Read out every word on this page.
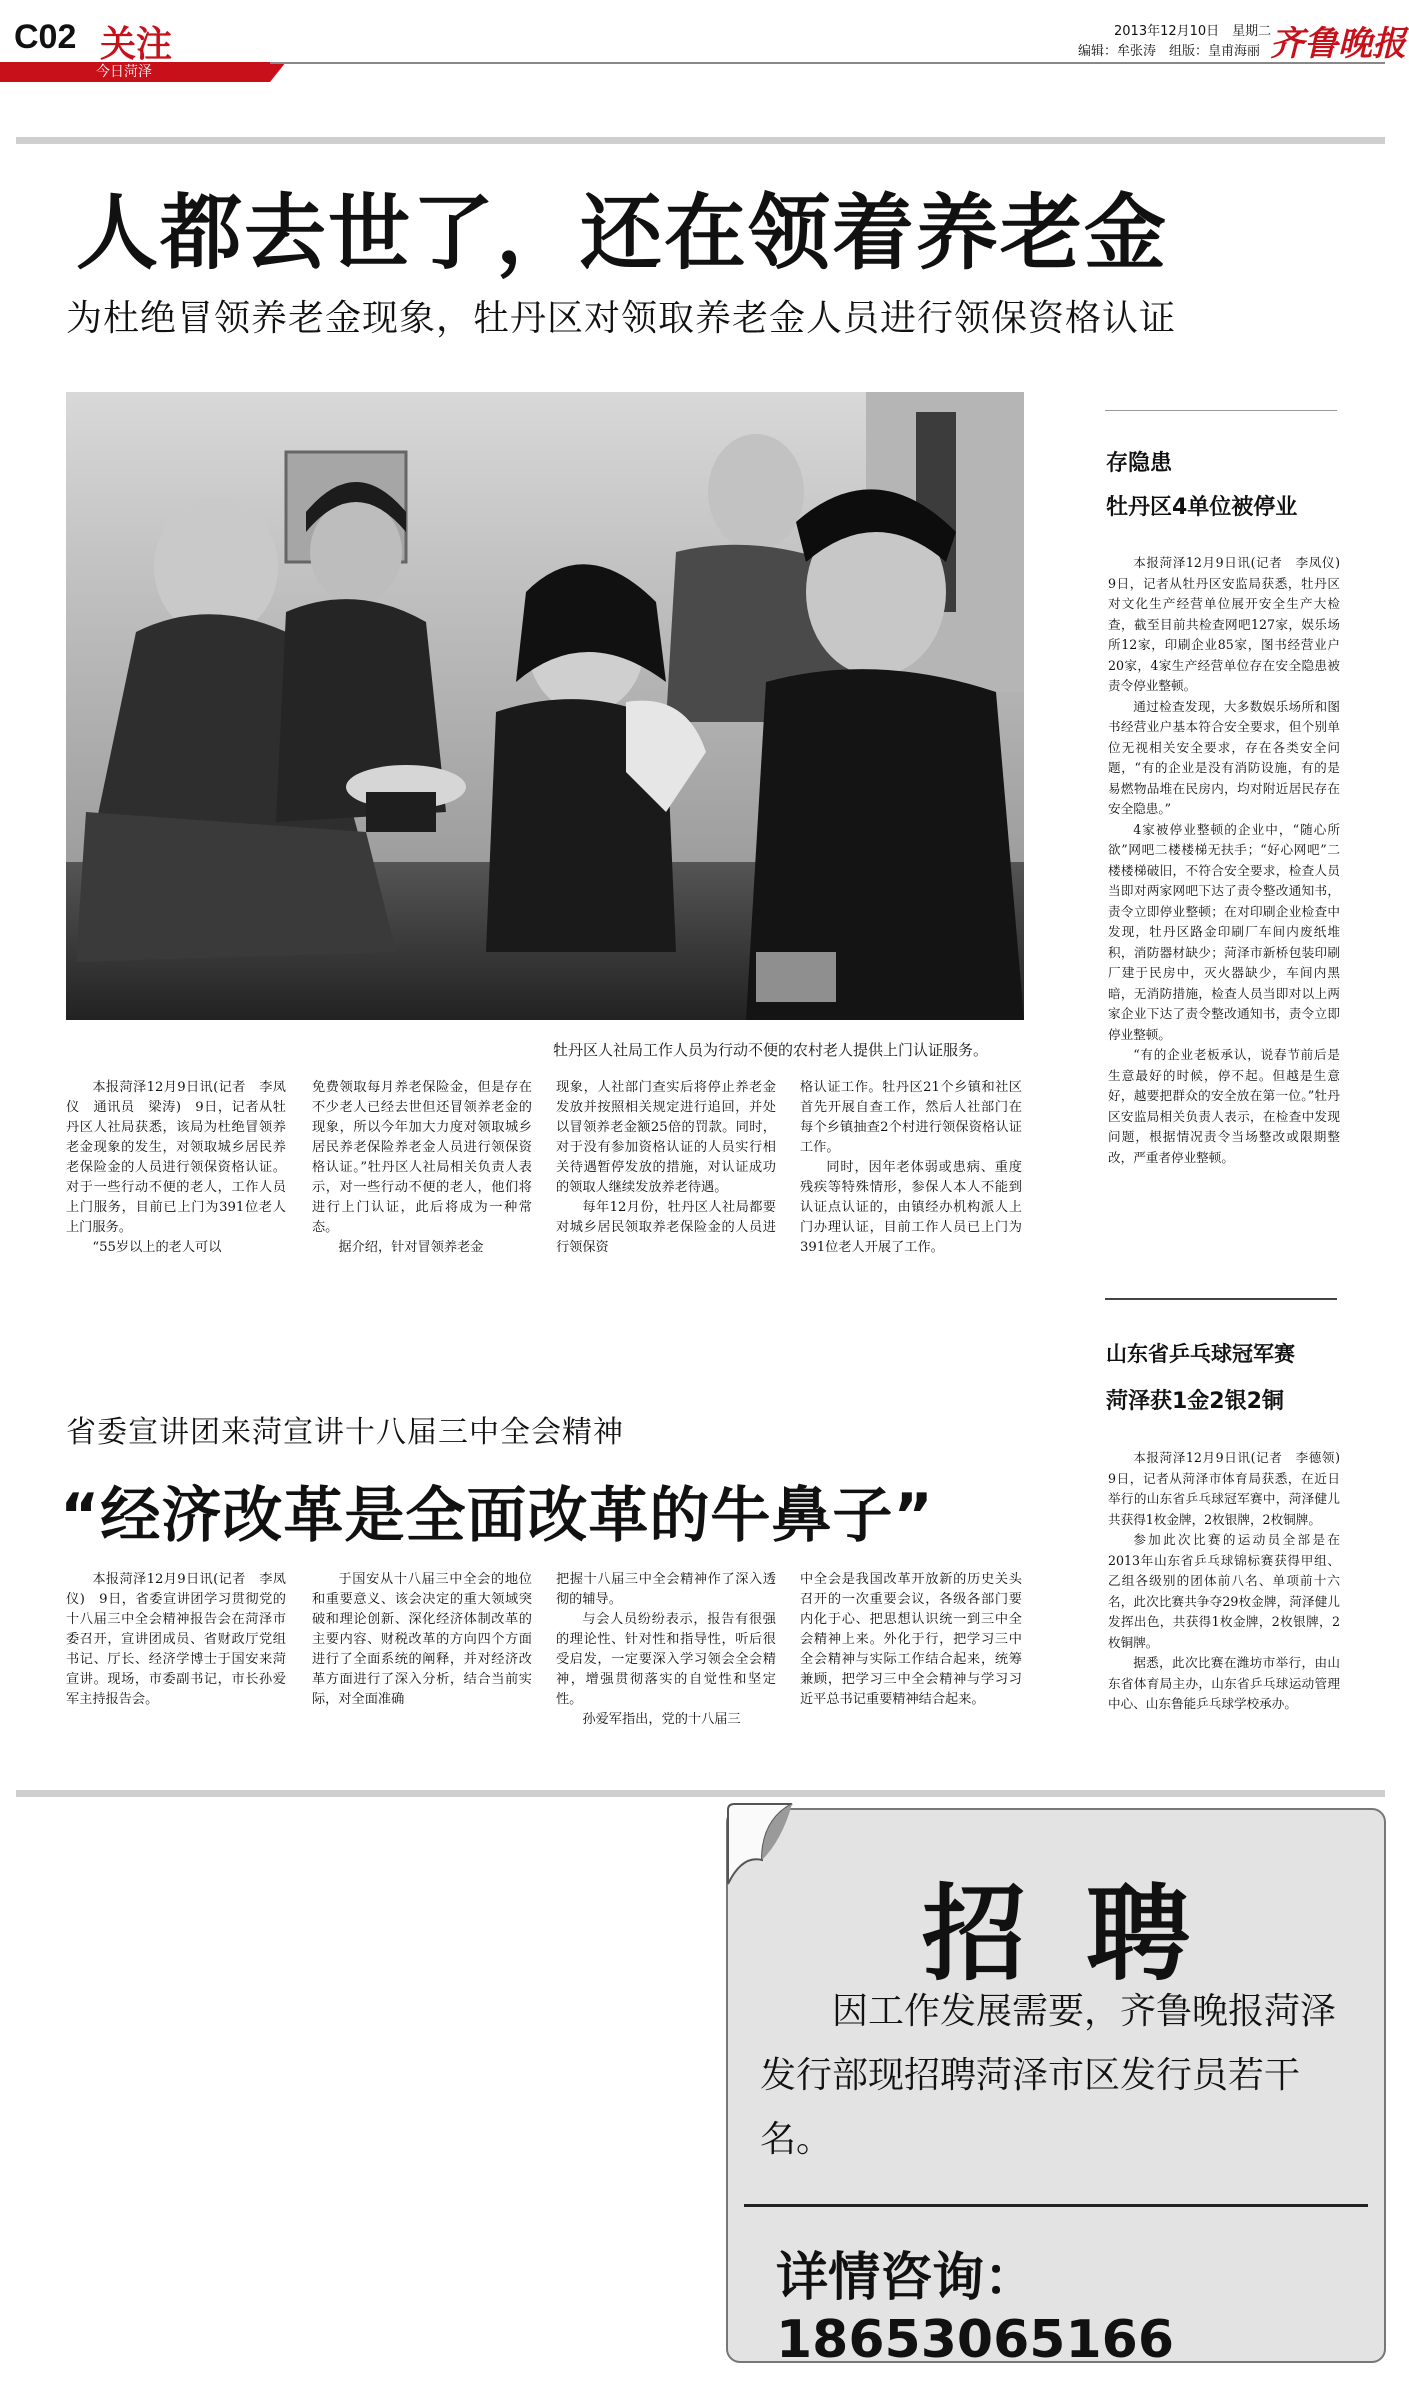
C02 关注
今日菏泽
2013年12月10日　星期二
编辑：牟张涛　组版：皇甫海丽 齐鲁晚报
人都去世了，还在领着养老金
为杜绝冒领养老金现象，牡丹区对领取养老金人员进行领保资格认证
牡丹区人社局工作人员为行动不便的农村老人提供上门认证服务。

本报菏泽12月9日讯(记者　李凤仪　通讯员　梁涛)　9日，记者从牡丹区人社局获悉，该局为杜绝冒领养老金现象的发生，对领取城乡居民养老保险金的人员进行领保资格认证。对于一些行动不便的老人，工作人员上门服务，目前已上门为391位老人上门服务。

“55岁以上的老人可以

免费领取每月养老保险金，但是存在不少老人已经去世但还冒领养老金的现象，所以今年加大力度对领取城乡居民养老保险养老金人员进行领保资格认证。”牡丹区人社局相关负责人表示，对一些行动不便的老人，他们将进行上门认证，此后将成为一种常态。

据介绍，针对冒领养老金

现象，人社部门查实后将停止养老金发放并按照相关规定进行追回，并处以冒领养老金额25倍的罚款。同时，对于没有参加资格认证的人员实行相关待遇暂停发放的措施，对认证成功的领取人继续发放养老待遇。

每年12月份，牡丹区人社局都要对城乡居民领取养老保险金的人员进行领保资

格认证工作。牡丹区21个乡镇和社区首先开展自查工作，然后人社部门在每个乡镇抽查2个村进行领保资格认证工作。

同时，因年老体弱或患病、重度残疾等特殊情形，参保人本人不能到认证点认证的，由镇经办机构派人上门办理认证，目前工作人员已上门为391位老人开展了工作。

存隐患
牡丹区4单位被停业

本报菏泽12月9日讯(记者　李凤仪)　9日，记者从牡丹区安监局获悉，牡丹区对文化生产经营单位展开安全生产大检查，截至目前共检查网吧127家，娱乐场所12家，印刷企业85家，图书经营业户20家，4家生产经营单位存在安全隐患被责令停业整顿。

通过检查发现，大多数娱乐场所和图书经营业户基本符合安全要求，但个别单位无视相关安全要求，存在各类安全问题，“有的企业是没有消防设施，有的是易燃物品堆在民房内，均对附近居民存在安全隐患。”

4家被停业整顿的企业中，“随心所欲”网吧二楼楼梯无扶手；“好心网吧”二楼楼梯破旧，不符合安全要求，检查人员当即对两家网吧下达了责令整改通知书，责令立即停业整顿；在对印刷企业检查中发现，牡丹区路金印刷厂车间内废纸堆积，消防器材缺少；菏泽市新桥包装印刷厂建于民房中，灭火器缺少，车间内黑暗，无消防措施，检查人员当即对以上两家企业下达了责令整改通知书，责令立即停业整顿。

“有的企业老板承认，说春节前后是生意最好的时候，停不起。但越是生意好，越要把群众的安全放在第一位。”牡丹区安监局相关负责人表示，在检查中发现问题，根据情况责令当场整改或限期整改，严重者停业整顿。

山东省乒乓球冠军赛
菏泽获1金2银2铜

本报菏泽12月9日讯(记者　李德领)　9日，记者从菏泽市体育局获悉，在近日举行的山东省乒乓球冠军赛中，菏泽健儿共获得1枚金牌，2枚银牌，2枚铜牌。

参加此次比赛的运动员全部是在2013年山东省乒乓球锦标赛获得甲组、乙组各级别的团体前八名、单项前十六名，此次比赛共争夺29枚金牌，菏泽健儿发挥出色，共获得1枚金牌，2枚银牌，2枚铜牌。

据悉，此次比赛在潍坊市举行，由山东省体育局主办，山东省乒乓球运动管理中心、山东鲁能乒乓球学校承办。

省委宣讲团来菏宣讲十八届三中全会精神
“经济改革是全面改革的牛鼻子”

本报菏泽12月9日讯(记者　李凤仪)　9日，省委宣讲团学习贯彻党的十八届三中全会精神报告会在菏泽市委召开，宣讲团成员、省财政厅党组书记、厅长、经济学博士于国安来菏宣讲。现场，市委副书记，市长孙爱军主持报告会。

于国安从十八届三中全会的地位和重要意义、该会决定的重大领域突破和理论创新、深化经济体制改革的主要内容、财税改革的方向四个方面进行了全面系统的阐释，并对经济改革方面进行了深入分析，结合当前实际，对全面准确

把握十八届三中全会精神作了深入透彻的辅导。

与会人员纷纷表示，报告有很强的理论性、针对性和指导性，听后很受启发，一定要深入学习领会全会精神，增强贯彻落实的自觉性和坚定性。

孙爱军指出，党的十八届三

中全会是我国改革开放新的历史关头召开的一次重要会议，各级各部门要内化于心、把思想认识统一到三中全会精神上来。外化于行，把学习三中全会精神与实际工作结合起来，统筹兼顾，把学习三中全会精神与学习习近平总书记重要精神结合起来。

招聘

因工作发展需要，齐鲁晚报菏泽发行部现招聘菏泽市区发行员若干名。

详情咨询：18653065166
